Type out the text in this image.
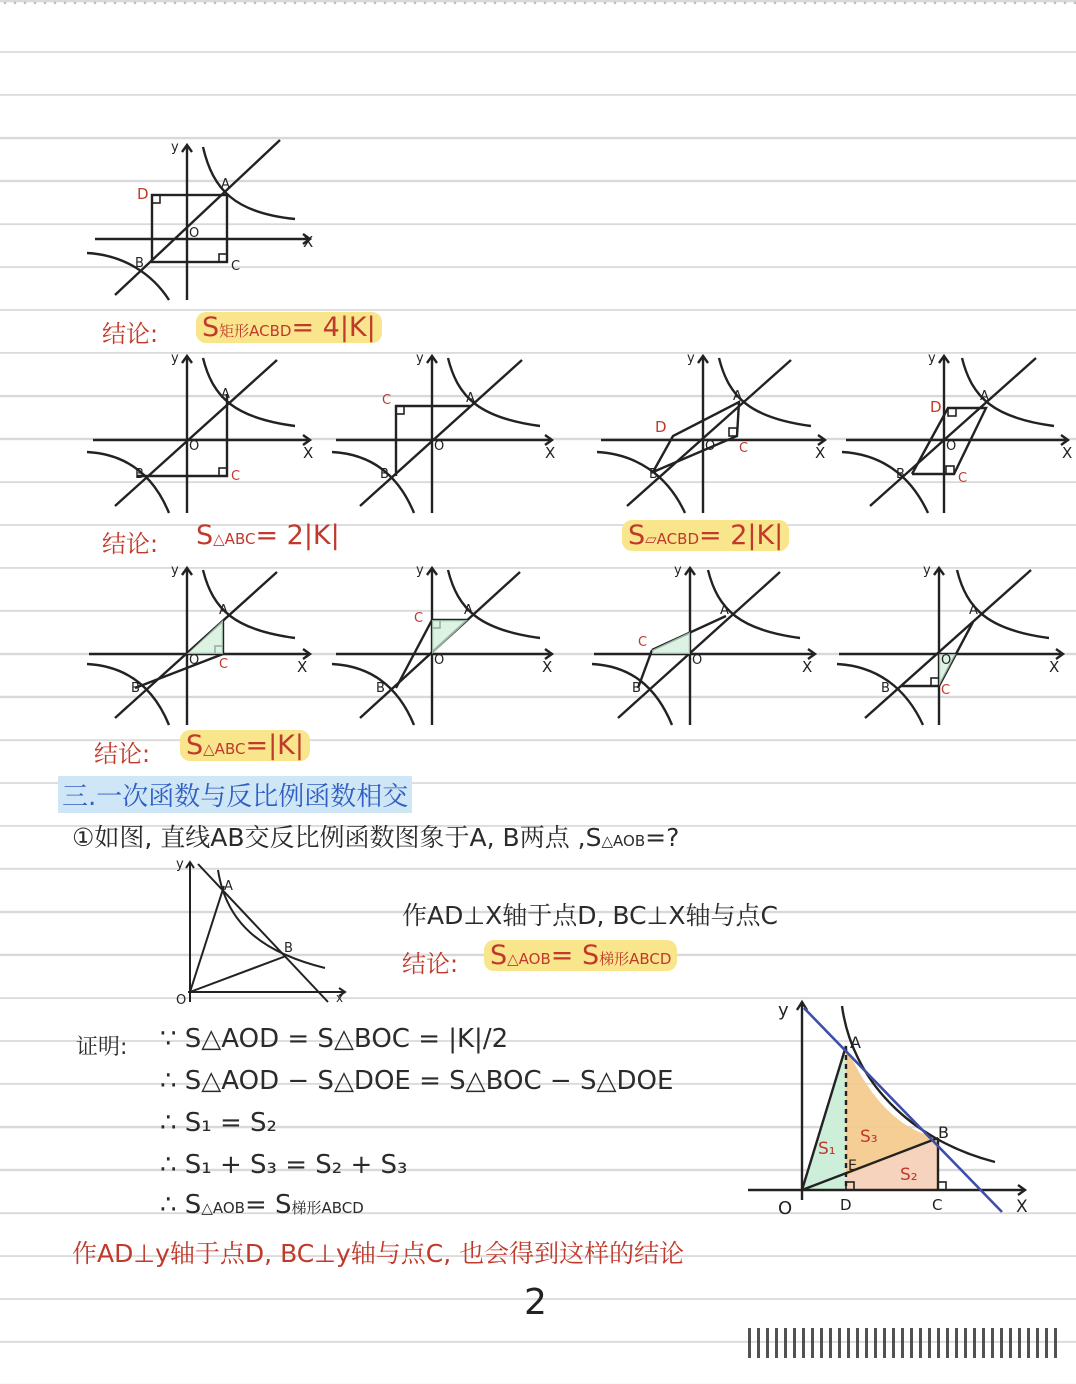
y
X
D
A
B	C
O
结论: S矩形ACBD= 4|K|
y
X
A
B	C
O
y
X
A
B
C
O
y
X
A
B
C
D
O
y
X
A
B	C
D
O
结论: S△ABC= 2|K|	S▱ACBD= 2|K|
y
X
A
B
C
O
y
X
A
B
C
O
y
X
A
B
C
O
y
X
A
B	C
O
结论: S△ABC=|K|
三.一次函数与反比例函数相交
①如图, 直线AB交反比例函数图象于A, B两点 ,S△AOB=?
y
x
A
B
O
作AD⊥X轴于点D, BC⊥X轴与点C
结论: S△AOB= S梯形ABCD
证明: ∵ S△AOD = S△BOC = |K|/2
∴ S△AOD − S△DOE = S△BOC − S△DOE
∴ S₁ = S₂
∴ S₁ + S₃ = S₂ + S₃
∴ S△AOB= S梯形ABCD
y
X
A
B
S₁
S₃
S₂
E
D	C
O
作AD⊥y轴于点D, BC⊥y轴与点C, 也会得到这样的结论
2
